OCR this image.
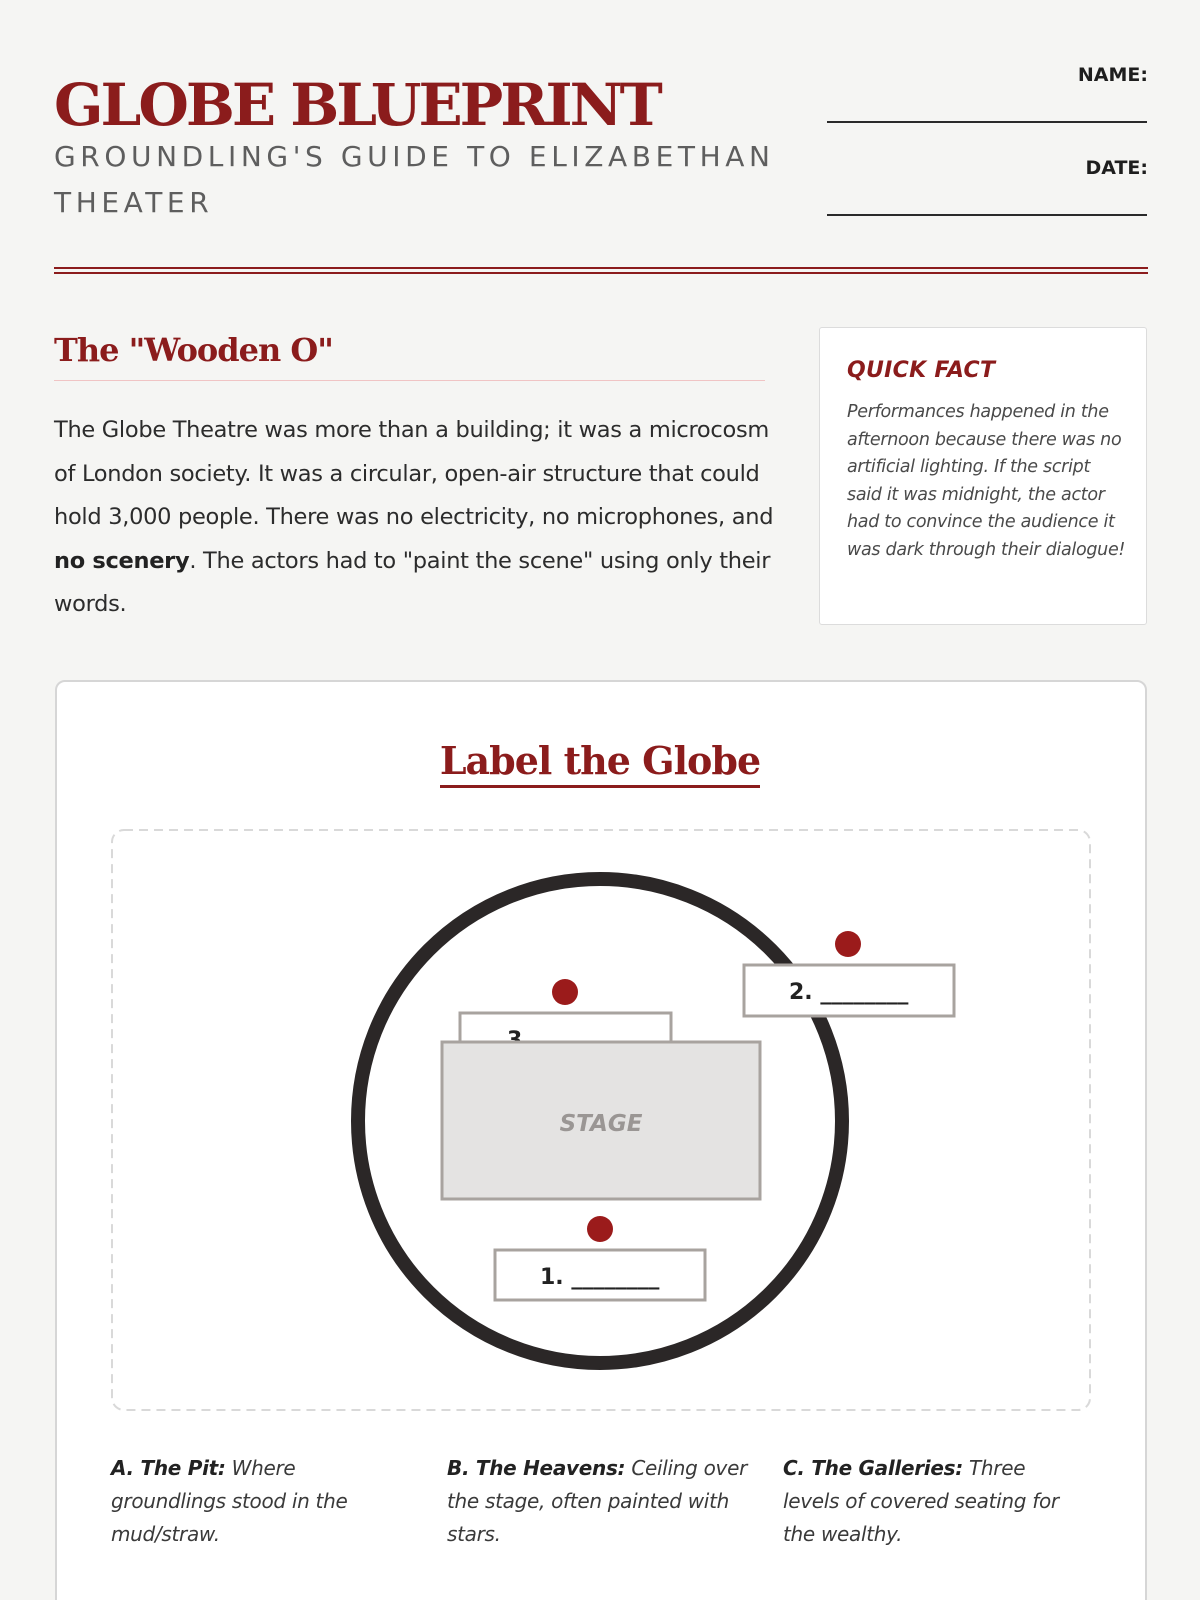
GLOBE BLUEPRINT
GROUNDLING'S GUIDE TO ELIZABETHAN THEATER
NAME:
DATE:
The "Wooden O"

The Globe Theatre was more than a building; it was a microcosm of London society. It was a circular, open-air structure that could hold 3,000 people. There was no electricity, no microphones, and no scenery. The actors had to "paint the scene" using only their words.

QUICK FACT
Performances happened in the afternoon because there was no artificial lighting. If the script said it was midnight, the actor had to convince the audience it was dark through their dialogue!
Label the Globe
STAGE
2. ________
1. ________
A. The Pit: Where groundlings stood in the mud/straw.
B. The Heavens: Ceiling over the stage, often painted with stars.
C. The Galleries: Three levels of covered seating for the wealthy.
